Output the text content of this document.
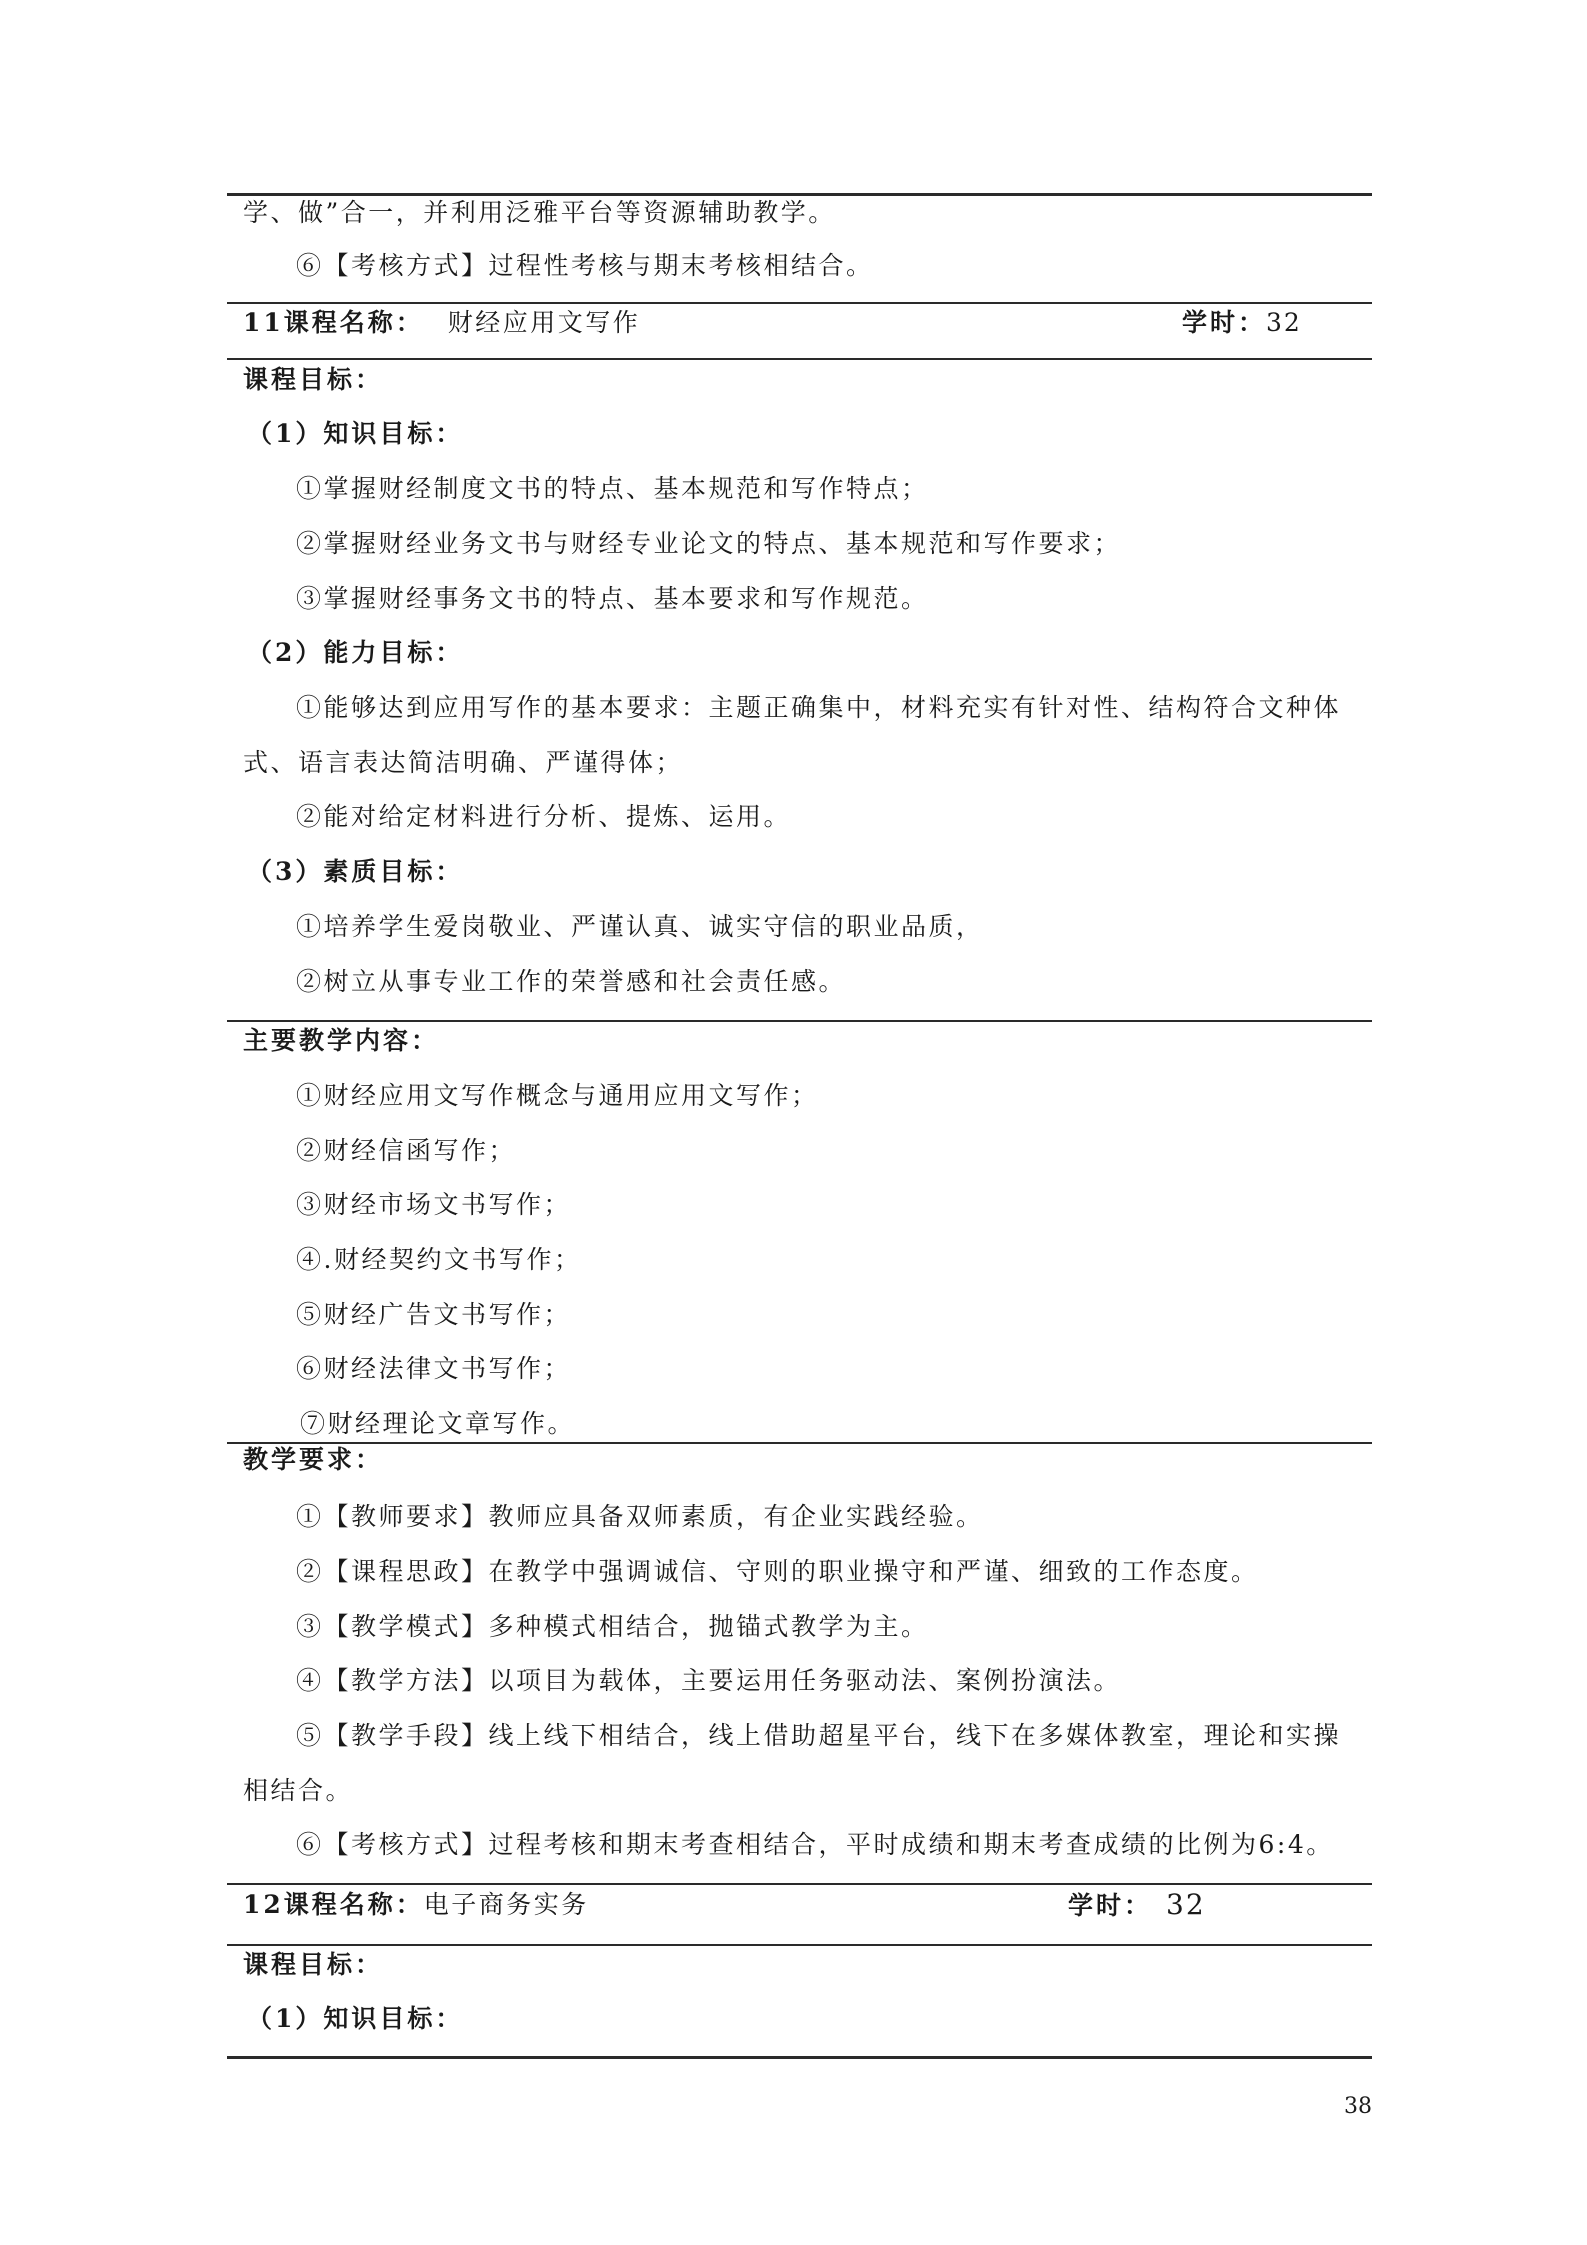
学、做”合一，并利用泛雅平台等资源辅助教学。
⑥【考核方式】过程性考核与期末考核相结合。
11课程名称： 财经应用文写作	学时：32
课程目标：
（1）知识目标：
①掌握财经制度文书的特点、基本规范和写作特点；
②掌握财经业务文书与财经专业论文的特点、基本规范和写作要求；
③掌握财经事务文书的特点、基本要求和写作规范。
（2）能力目标：
①能够达到应用写作的基本要求：主题正确集中，材料充实有针对性、结构符合文种体
式、语言表达简洁明确、严谨得体；
②能对给定材料进行分析、提炼、运用。
（3）素质目标：
①培养学生爱岗敬业、严谨认真、诚实守信的职业品质，
②树立从事专业工作的荣誉感和社会责任感。
主要教学内容：
①财经应用文写作概念与通用应用文写作；
②财经信函写作；
③财经市场文书写作；
④.财经契约文书写作；
⑤财经广告文书写作；
⑥财经法律文书写作；
⑦财经理论文章写作。
教学要求：
①【教师要求】教师应具备双师素质，有企业实践经验。
②【课程思政】在教学中强调诚信、守则的职业操守和严谨、细致的工作态度。
③【教学模式】多种模式相结合，抛锚式教学为主。
④【教学方法】以项目为载体，主要运用任务驱动法、案例扮演法。
⑤【教学手段】线上线下相结合，线上借助超星平台，线下在多媒体教室，理论和实操
相结合。
⑥【考核方式】过程考核和期末考查相结合，平时成绩和期末考查成绩的比例为6:4。
12课程名称：电子商务实务	学时： 32
课程目标：
（1）知识目标：
38
